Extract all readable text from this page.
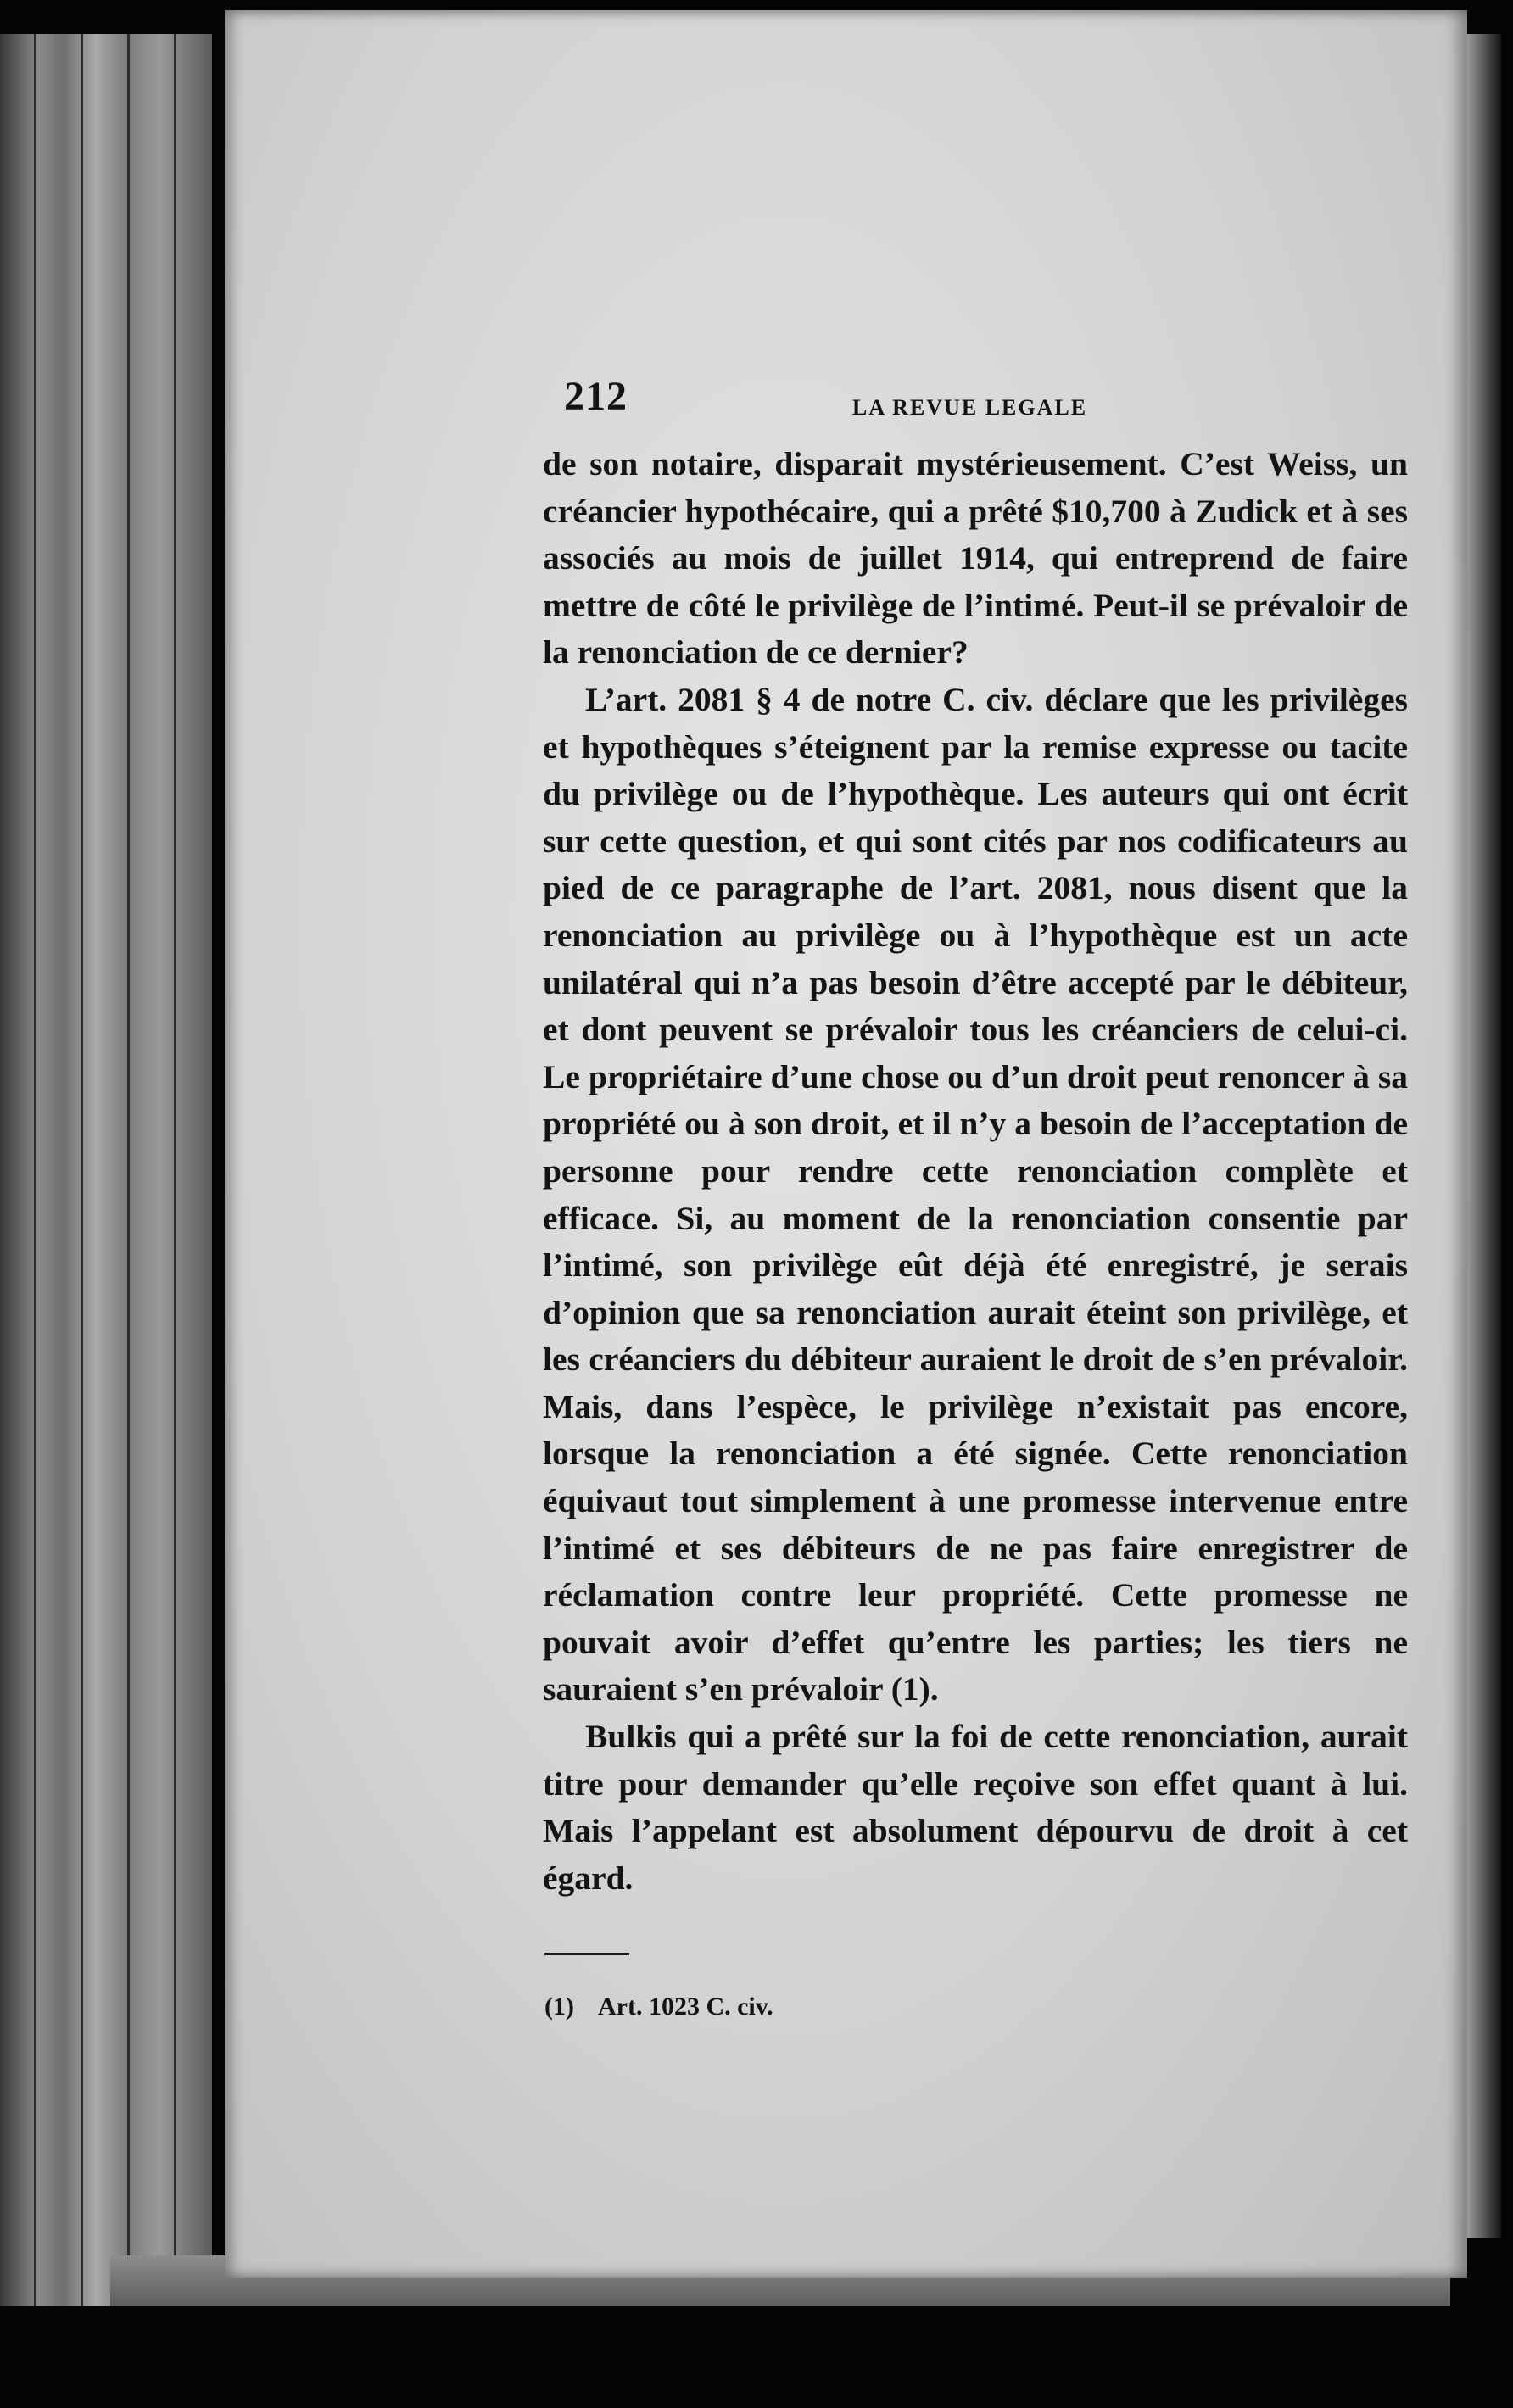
212	LA REVUE LEGALE

de son notaire, disparait mystérieusement. C’est Weiss, un créancier hypothécaire, qui a prêté $10,700 à Zudick et à ses associés au mois de juillet 1914, qui entreprend de faire mettre de côté le privilège de l’intimé. Peut-il se prévaloir de la renonciation de ce dernier?

L’art. 2081 § 4 de notre C. civ. déclare que les privilèges et hypothèques s’éteignent par la remise expresse ou tacite du privilège ou de l’hypothèque. Les auteurs qui ont écrit sur cette question, et qui sont cités par nos codificateurs au pied de ce paragraphe de l’art. 2081, nous disent que la renonciation au privilège ou à l’hypothèque est un acte unilatéral qui n’a pas besoin d’être accepté par le débiteur, et dont peuvent se prévaloir tous les créanciers de celui-ci. Le propriétaire d’une chose ou d’un droit peut renoncer à sa propriété ou à son droit, et il n’y a besoin de l’acceptation de personne pour rendre cette renonciation complète et efficace. Si, au moment de la renonciation consentie par l’intimé, son privilège eût déjà été enregistré, je serais d’opinion que sa renonciation aurait éteint son privilège, et les créanciers du débiteur auraient le droit de s’en prévaloir. Mais, dans l’espèce, le privilège n’existait pas encore, lorsque la renonciation a été signée. Cette renonciation équivaut tout simplement à une promesse intervenue entre l’intimé et ses débiteurs de ne pas faire enregistrer de réclamation contre leur propriété. Cette promesse ne pouvait avoir d’effet qu’entre les parties; les tiers ne sauraient s’en prévaloir (1).

Bulkis qui a prêté sur la foi de cette renonciation, aurait titre pour demander qu’elle reçoive son effet quant à lui. Mais l’appelant est absolument dépourvu de droit à cet égard.

(1) Art. 1023 C. civ.
